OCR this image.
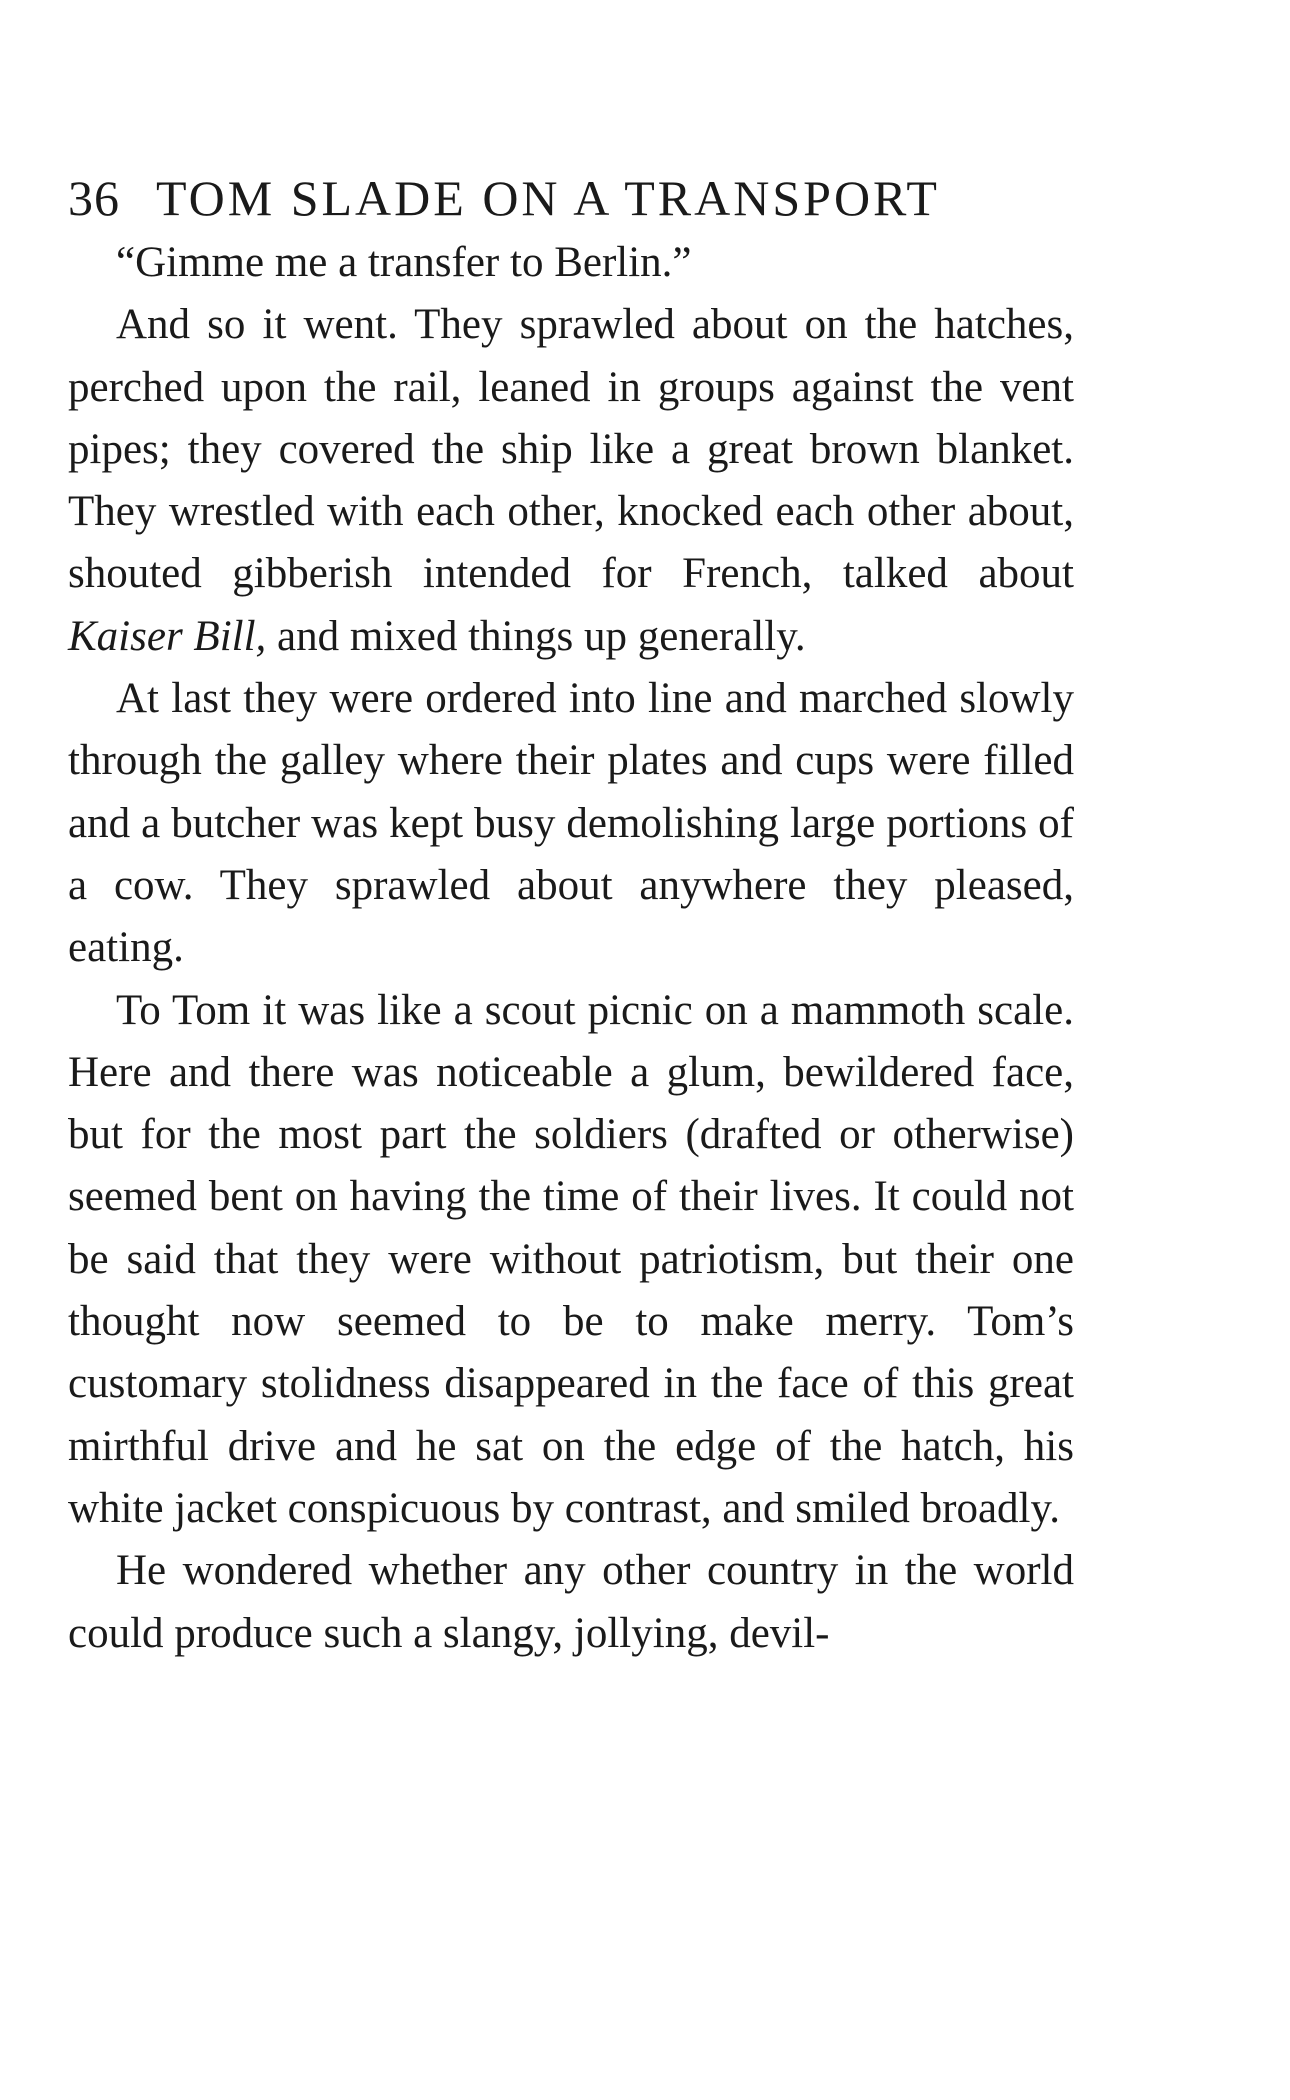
36 TOM SLADE ON A TRANSPORT

“Gimme me a transfer to Berlin.”

And so it went. They sprawled about on the hatches, perched upon the rail, leaned in groups against the vent pipes; they covered the ship like a great brown blanket. They wrestled with each other, knocked each other about, shouted gibberish intended for French, talked about Kaiser Bill, and mixed things up generally.

At last they were ordered into line and marched slowly through the galley where their plates and cups were filled and a butcher was kept busy demolishing large portions of a cow. They sprawled about anywhere they pleased, eating.

To Tom it was like a scout picnic on a mammoth scale. Here and there was noticeable a glum, bewildered face, but for the most part the soldiers (drafted or otherwise) seemed bent on having the time of their lives. It could not be said that they were without patriotism, but their one thought now seemed to be to make merry. Tom’s customary stolidness disappeared in the face of this great mirthful drive and he sat on the edge of the hatch, his white jacket conspicuous by contrast, and smiled broadly.

He wondered whether any other country in the world could produce such a slangy, jollying, devil-
